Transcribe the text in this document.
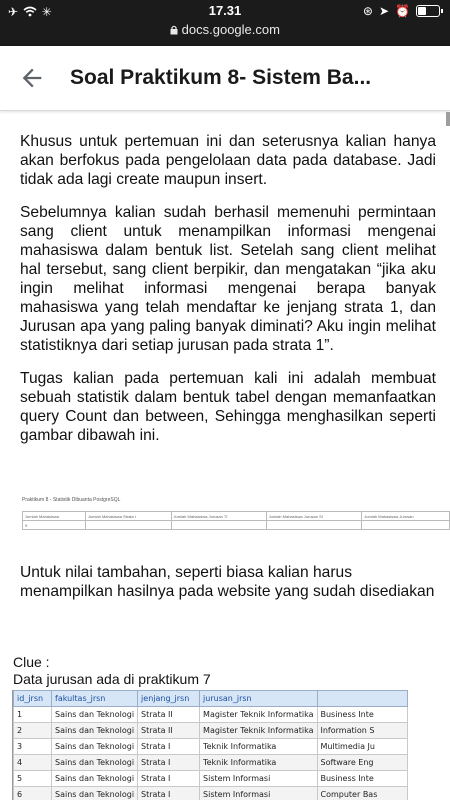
✈ ✳	17.31
docs.google.com
⊛ ➤ ⏰
Soal Praktikum 8- Sistem Ba...

Khusus untuk pertemuan ini dan seterusnya kalian hanya akan berfokus pada pengelolaan data pada database. Jadi tidak ada lagi create maupun insert.

Sebelumnya kalian sudah berhasil memenuhi permintaan sang client untuk menampilkan informasi mengenai mahasiswa dalam bentuk list. Setelah sang client melihat hal tersebut, sang client berpikir, dan mengatakan “jika aku ingin melihat informasi mengenai berapa banyak mahasiswa yang telah mendaftar ke jenjang strata 1, dan Jurusan apa yang paling banyak diminati? Aku ingin melihat statistiknya dari setiap jurusan pada strata 1”.

Tugas kalian pada pertemuan kali ini adalah membuat sebuah statistik dalam bentuk tabel dengan memanfaatkan query Count dan between, Sehingga menghasilkan seperti gambar dibawah ini.

Praktikum 8 - Statistik Dibuanta PostgreSQL
Jumlah Mahasiswa	Jumlah Mahasiswa Strata I	Jumlah Mahasiswa Jurusan TI	Jumlah Mahasiswa Jurusan SI	Jumlah Mahasiswa Jurusan
9				
Untuk nilai tambahan, seperti biasa kalian harus menampilkan hasilnya pada website yang sudah disediakan
Clue :
Data jurusan ada di praktikum 7
id_jrsn	fakultas_jrsn	jenjang_jrsn	jurusan_jrsn	
1	Sains dan Teknologi	Strata II	Magister Teknik Informatika	Business Inte
2	Sains dan Teknologi	Strata II	Magister Teknik Informatika	Information S
3	Sains dan Teknologi	Strata I	Teknik Informatika	Multimedia Ju
4	Sains dan Teknologi	Strata I	Teknik Informatika	Software Eng
5	Sains dan Teknologi	Strata I	Sistem Informasi	Business Inte
6	Sains dan Teknologi	Strata I	Sistem Informasi	Computer Bas
